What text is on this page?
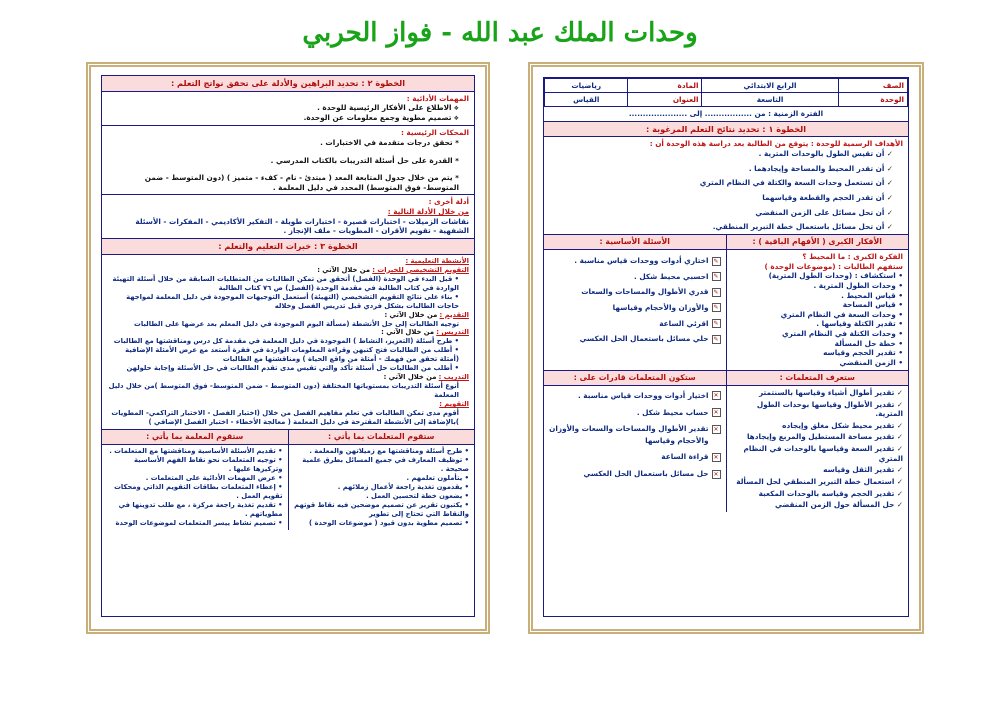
وحدات الملك عبد الله - فواز الحربي
الخطوة ٢ : تحديد البراهين والأدلة على تحقق نواتج التعلم :
المهمات الأدائية :
❖ الاطلاع على الأفكار الرئيسية للوحدة .
❖ تصميم مطوية وجمع معلومات عن الوحدة.
المحكات الرئيسية :
* تحقق درجات متقدمة في الاختبارات .
* القدرة على حل أسئلة التدريبات بالكتاب المدرسي .
* يتم من خلال جدول المتابعة المعد ( مبتدئ - نام - كفء - متميز ) (دون المتوسط - ضمن المتوسط- فوق المتوسط) المحدد في دليل المعلمة .
أدلة أخرى :
من خلال الأدلة التالية :
نقاشات الزميلات - اختبارات قصيرة - اختبارات طويلة - التفكير الأكاديمي - المفكرات - الأسئلة الشفهية - تقويم الأقران - المطويات - ملف الإنجاز .
الخطوة ٣ : خبرات التعليم والتعلم :
الأنشطة التعليمية :
التقويم التشخيصي للخبرات : من خلال الآتي :
• قبل البدء في الوحدة (الفصل) أتحقق من تمكن الطالبات من المتطلبات السابقة من خلال أسئلة التهيئة الواردة في كتاب الطالبة في مقدمة الوحدة (الفصل) ص ٧٦ كتاب الطالبة
• بناء على نتائج التقويم التشخيصي (التهيئة) أستعمل التوجيهات الموجودة في دليل المعلمة لمواجهة حاجات الطالبات بشكل فردي قبل تدريس الفصل وخلاله
التقديم : من خلال الآتي :
توجيه الطالبات إلى حل الأنشطة (مسألة اليوم الموجودة في دليل المعلم بعد عرضها على الطالبات
التدريس : من خلال الآتي :
• طرح أسئلة (التعزيز، النشاط ) الموجودة في دليل المعلمة في مقدمة كل درس ومناقشتها مع الطالبات
• أطلب من الطالبات فتح كتبهن وقراءة المعلومات الواردة في فقرة أستعد مع عرض الأمثلة الإضافية (أمثلة تحقق من فهمك - أمثلة من واقع الحياة ) ومناقشتها مع الطالبات
• أطلب من الطالبات حل أسئلة تأكد والتي تقيس مدى تقدم الطالبات في حل الأسئلة وإجابة حلولهن
التدريب : من خلال الآتي :
أنوع أسئلة التدريبات بمستوياتها المختلفة (دون المتوسط - ضمن المتوسط- فوق المتوسط )من خلال دليل المعلمة
التقويم :
أقوم مدى تمكن الطالبات في تعلم مفاهيم الفصل من خلال (اختبار الفصل - الاختبار التراكمي- المطويات )بالإضافة إلى الأنشطة المقترحة في دليل المعلمة ( معالجة الأخطاء - اختبار الفصل الإضافي )
ستقوم المتعلمات بما يأتي :
• طرح أسئلة ومناقشتها مع زميلاتهن والمعلمة .
• توظيف المعارف في جميع المسائل بطرق علمية صحيحة .
• يتأملون تعلمهم .
• يقدمون تغذية راجعة لأعمال زملائهم .
• يضعون خطة لتحسين العمل .
• يكتبون تقرير عن تصميم موضحين فيه نقاط قوتهم والنقاط التي تحتاج إلى تطوير
• تصميم مطوية بدون قيود ( موضوعات الوحدة )
ستقوم المعلمة بما يأتي :
• تقديم الأسئلة الأساسية ومناقشتها مع المتعلمات .
• توجيه المتعلمات نحو نقاط الفهم الأساسية وتركيزها عليها .
• عرض المهمات الأدائية على المتعلمات .
• إعطاء المتعلمات بطاقات التقويم الذاتي ومحكات تقويم العمل .
• تقديم تغذية راجعة مركزة ، مع طلب تدوينها في مطوياتهم .
• تصميم نشاط ييسر المتعلمات لموضوعات الوحدة
الصف	الرابع الابتدائي	المادة	رياضيات
الوحدة	التاسعة	العنوان	القياس
الفترة الزمنية : من ................. إلى .....................
الخطوة ١ : تحديد نتائج التعلم المرغوبة :
الأهداف الرسمية للوحدة : يتوقع من الطالبة بعد دراسة هذه الوحدة أن :
✓ أن تقيس الطول بالوحدات المترية .
✓ أن تقدر المحيط والمساحة وإيجادهما .
✓ أن تستعمل وحدات السعة والكتلة في النظام المتري
✓ أن تقدر الحجم والقطعة وقياسهما
✓ أن تحل مسائل على الزمن المنقضي
✓ أن تحل مسائل باستعمال خطة التبرير المنطقي.
الأفكار الكبرى ( الأفهام الباقية ) :
الفكرة الكبرى : ما المحيط ؟
ستفهم الطالبات : (موضوعات الوحدة )
• استكشاف : (وحدات الطول المترية)
• وحدات الطول المترية .
• قياس المحيط .
• قياس المساحة
• وحدات السعة في النظام المتري
• تقدير الكتلة وقياسها .
• وحدات الكتلة في النظام المتري
• خطة حل المسألة
• تقدير الحجم وقياسه
• الزمن المنقضي
الأسئلة الأساسية :
✎اختاري أدوات ووحدات قياس مناسبة .
✎احسبي محيط شكل .
✎قدري الأطوال والمساحات والسعات
✎والأوزان والأحجام وقياسها
✎اقرئي الساعة
✎حلي مسائل باستعمال الحل العكسي
ستعرف المتعلمات :
✓ تقدير أطوال أشياء وقياسها بالسنتمتر
✓ تقدير الأطوال وقياسها بوحدات الطول المترية.
✓ تقدير محيط شكل مغلق وإيجاده
✓ تقدير مساحة المستطيل والمربع وإيجادها
✓ تقدير السعة وقياسها بالوحدات في النظام المتري
✓ تقدير الثقل وقياسه
✓ استعمال خطة التبرير المنطقي لحل المسألة
✓ تقدير الحجم وقياسه بالوحدات المكعبة
✓ حل المسألة حول الزمن المنقضي
ستكون المتعلمات قادرات على :
✕اختيار أدوات ووحدات قياس مناسبة .
✕حساب محيط شكل .
✕تقدير الأطوال والمساحات والسعات والأوزان
والأحجام وقياسها
✕قراءة الساعة
✕حل مسائل باستعمال الحل العكسي
